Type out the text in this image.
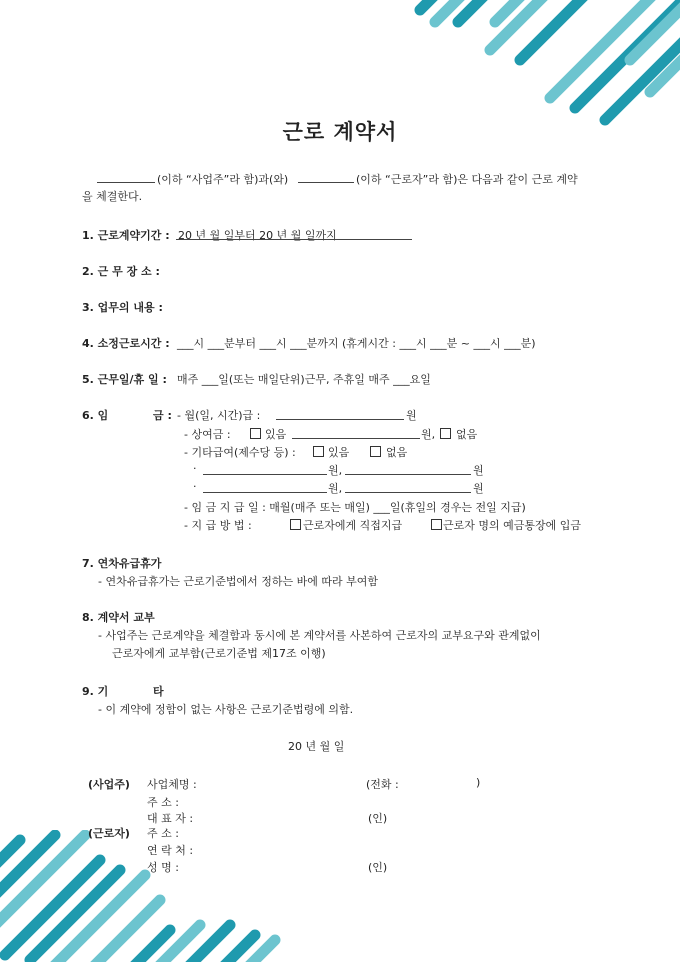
근로 계약서
(이하 “사업주”라 함)과(와)	(이하 “근로자”라 함)은 다음과 같이 근로 계약
을 체결한다.
1. 근로계약기간 : 20 년 월 일부터 20 년 월 일까지
2. 근 무 장 소 :
3. 업무의 내용 :
4. 소정근로시간 : ___시 ___분부터 ___시 ___분까지 (휴게시간 : ___시 ___분 ~ ___시 ___분)
5. 근무일/휴 일 : 매주 ___일(또는 매일단위)근무, 주휴일 매주 ___요일
6. 임	금 : - 월(일, 시간)급 :	원
- 상여금 :	있음	원, 없음
- 기타급여(제수당 등) :	있음	없음
·	원,	원
·	원,	원
- 임 금 지 급 일 : 매월(매주 또는 매일) ___일(휴일의 경우는 전일 지급)
- 지 급 방 법 :	근로자에게 직접지급	근로자 명의 예금통장에 입금
7. 연차유급휴가
- 연차유급휴가는 근로기준법에서 정하는 바에 따라 부여함
8. 계약서 교부
- 사업주는 근로계약을 체결함과 동시에 본 계약서를 사본하여 근로자의 교부요구와 관계없이
근로자에게 교부함(근로기준법 제17조 이행)
9. 기	타
- 이 계약에 정함이 없는 사항은 근로기준법령에 의함.
20 년 월 일
(사업주) 사업체명 :	(전화 :	)
주 소 :
대 표 자 :	(인)
(근로자) 주 소 :
연 락 처 :
성 명 :	(인)
